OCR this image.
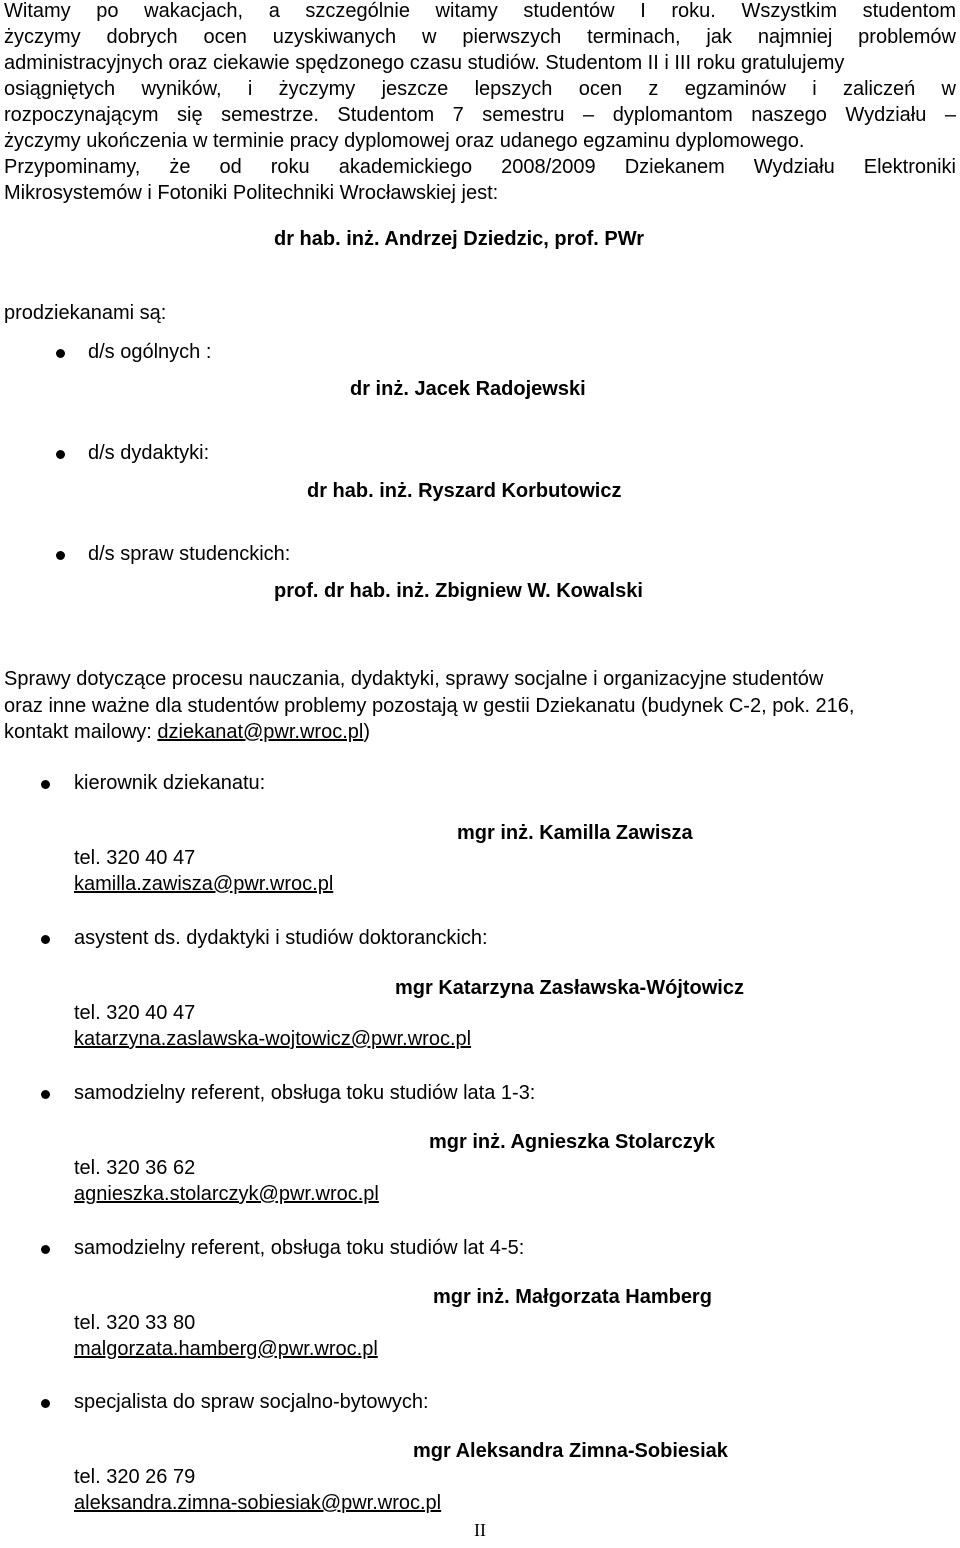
Witamy po wakacjach, a szczególnie witamy studentów I roku. Wszystkim studentom
życzymy dobrych ocen uzyskiwanych w pierwszych terminach, jak najmniej problemów
administracyjnych oraz ciekawie spędzonego czasu studiów. Studentom II i III roku gratulujemy
osiągniętych wyników, i życzymy jeszcze lepszych ocen z egzaminów i zaliczeń w
rozpoczynającym się semestrze. Studentom 7 semestru – dyplomantom naszego Wydziału –
życzymy ukończenia w terminie pracy dyplomowej oraz udanego egzaminu dyplomowego.
Przypominamy, że od roku akademickiego 2008/2009 Dziekanem Wydziału Elektroniki
Mikrosystemów i Fotoniki Politechniki Wrocławskiej jest:
dr hab. inż. Andrzej Dziedzic, prof. PWr
prodziekanami są:
d/s ogólnych :
dr inż. Jacek Radojewski
d/s dydaktyki:
dr hab. inż. Ryszard Korbutowicz
d/s spraw studenckich:
prof. dr hab. inż. Zbigniew W. Kowalski
Sprawy dotyczące procesu nauczania, dydaktyki, sprawy socjalne i organizacyjne studentów
oraz inne ważne dla studentów problemy pozostają w gestii Dziekanatu (budynek C-2, pok. 216,
kontakt mailowy: dziekanat@pwr.wroc.pl)
kierownik dziekanatu:
mgr inż. Kamilla Zawisza
tel. 320 40 47
kamilla.zawisza@pwr.wroc.pl
asystent ds. dydaktyki i studiów doktoranckich:
mgr Katarzyna Zasławska-Wójtowicz
tel. 320 40 47
katarzyna.zaslawska-wojtowicz@pwr.wroc.pl
samodzielny referent, obsługa toku studiów lata 1-3:
mgr inż. Agnieszka Stolarczyk
tel. 320 36 62
agnieszka.stolarczyk@pwr.wroc.pl
samodzielny referent, obsługa toku studiów lat 4-5:
mgr inż. Małgorzata Hamberg
tel. 320 33 80
malgorzata.hamberg@pwr.wroc.pl
specjalista do spraw socjalno-bytowych:
mgr Aleksandra Zimna-Sobiesiak
tel. 320 26 79
aleksandra.zimna-sobiesiak@pwr.wroc.pl
II
